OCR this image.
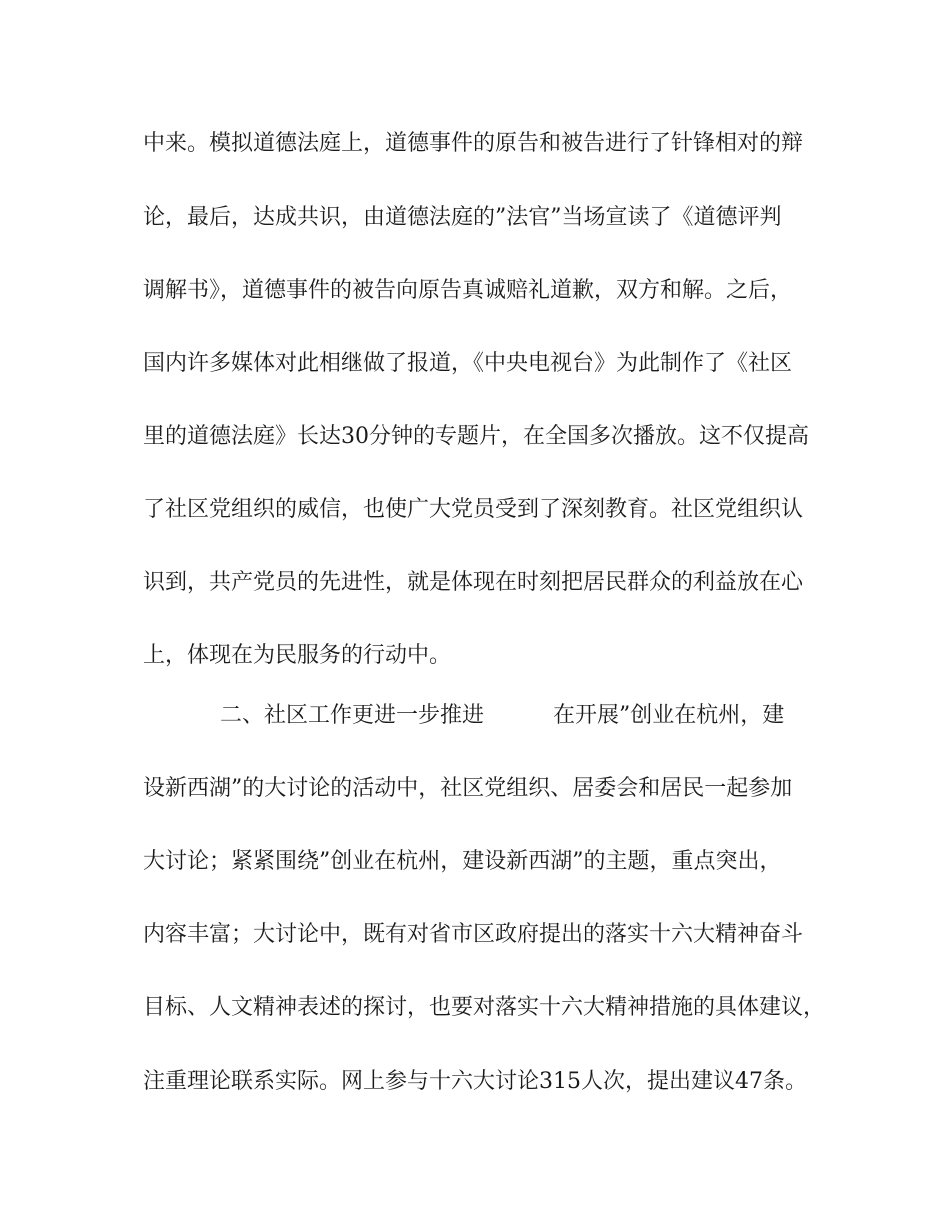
中来。模拟道德法庭上，道德事件的原告和被告进行了针锋相对的辩
论，最后，达成共识，由道德法庭的”法官”当场宣读了《道德评判
调解书》，道德事件的被告向原告真诚赔礼道歉，双方和解。之后，
国内许多媒体对此相继做了报道，《中央电视台》为此制作了《社区
里的道德法庭》长达30分钟的专题片，在全国多次播放。这不仅提高
了社区党组织的威信，也使广大党员受到了深刻教育。社区党组织认
识到，共产党员的先进性，就是体现在时刻把居民群众的利益放在心
上，体现在为民服务的行动中。
二、社区工作更进一步推进	在开展”创业在杭州，建
设新西湖”的大讨论的活动中，社区党组织、居委会和居民一起参加
大讨论；紧紧围绕”创业在杭州，建设新西湖”的主题，重点突出，
内容丰富；大讨论中，既有对省市区政府提出的落实十六大精神奋斗
目标、人文精神表述的探讨，也要对落实十六大精神措施的具体建议，
注重理论联系实际。网上参与十六大讨论315人次，提出建议47条。
